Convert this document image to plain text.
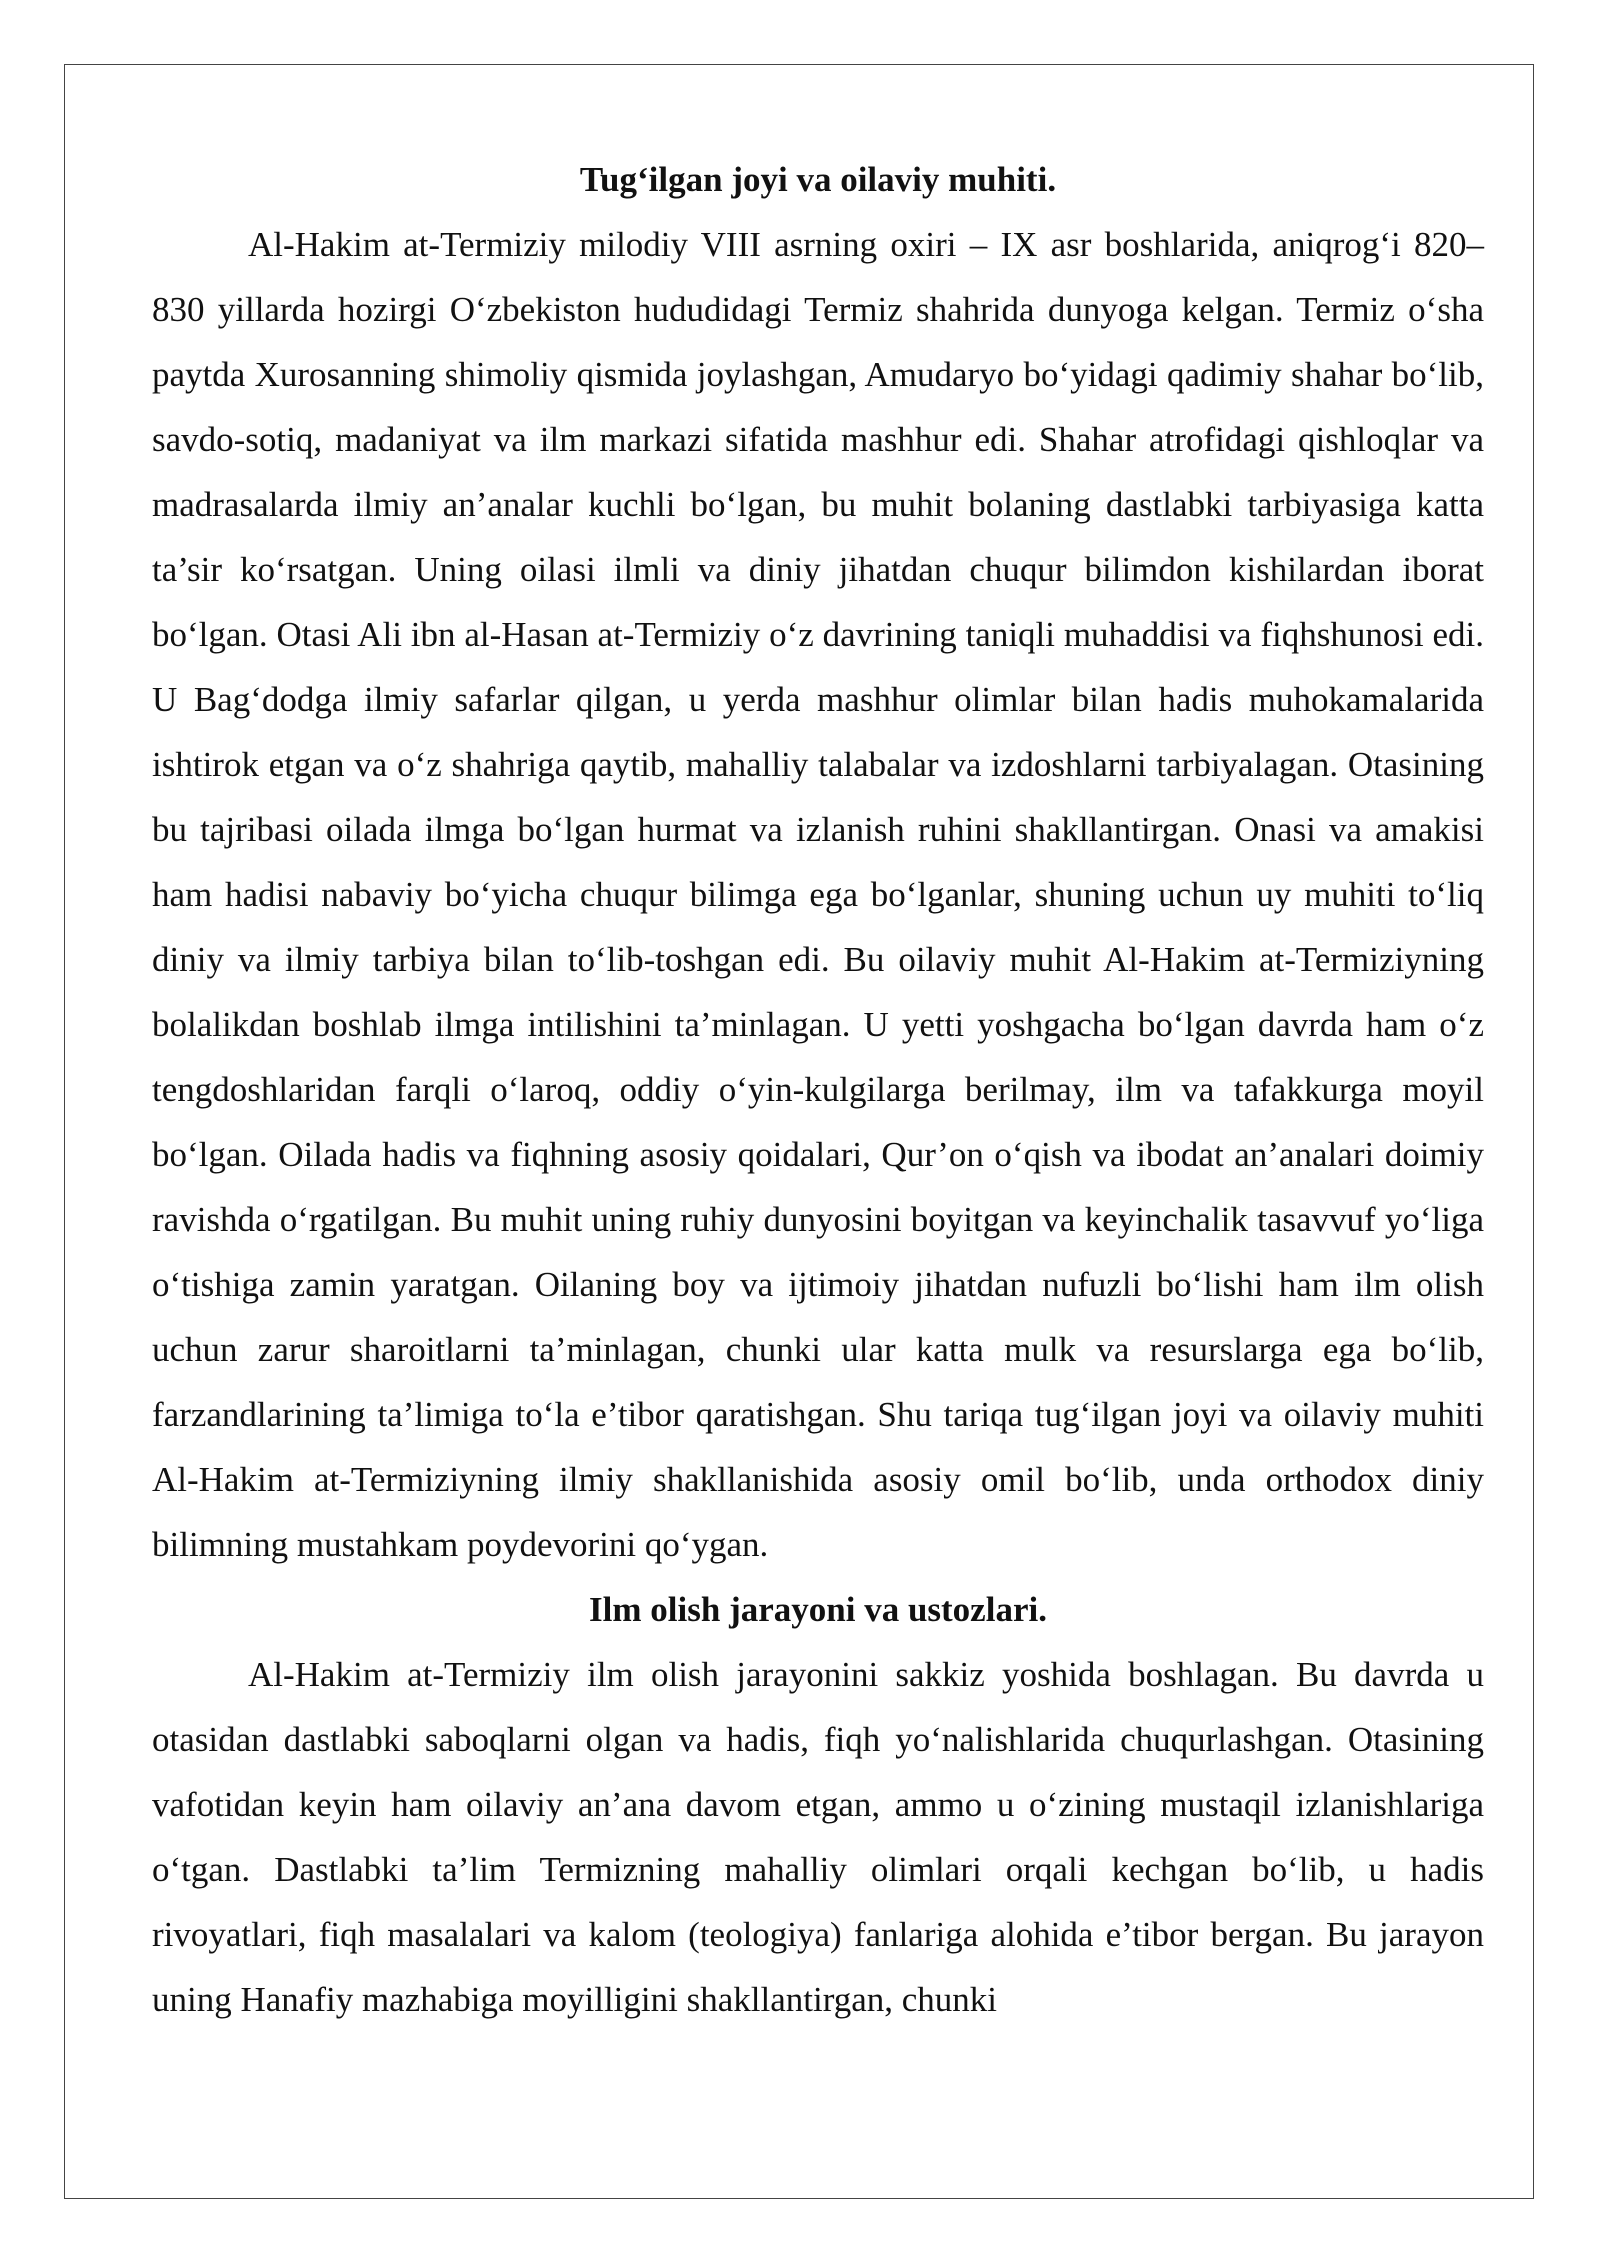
Tug‘ilgan joyi va oilaviy muhiti.

Al-Hakim at-Termiziy milodiy VIII asrning oxiri – IX asr boshlarida, aniqrog‘i 820–830 yillarda hozirgi O‘zbekiston hududidagi Termiz shahrida dunyoga kelgan. Termiz o‘sha paytda Xurosanning shimoliy qismida joylashgan, Amudaryo bo‘yidagi qadimiy shahar bo‘lib, savdo-sotiq, madaniyat va ilm markazi sifatida mashhur edi. Shahar atrofidagi qishloqlar va madrasalarda ilmiy an’analar kuchli bo‘lgan, bu muhit bolaning dastlabki tarbiyasiga katta ta’sir ko‘rsatgan. Uning oilasi ilmli va diniy jihatdan chuqur bilimdon kishilardan iborat bo‘lgan. Otasi Ali ibn al-Hasan at-Termiziy o‘z davrining taniqli muhaddisi va fiqhshunosi edi. U Bag‘dodga ilmiy safarlar qilgan, u yerda mashhur olimlar bilan hadis muhokamalarida ishtirok etgan va o‘z shahriga qaytib, mahalliy talabalar va izdoshlarni tarbiyalagan. Otasining bu tajribasi oilada ilmga bo‘lgan hurmat va izlanish ruhini shakllantirgan. Onasi va amakisi ham hadisi nabaviy bo‘yicha chuqur bilimga ega bo‘lganlar, shuning uchun uy muhiti to‘liq diniy va ilmiy tarbiya bilan to‘lib-toshgan edi. Bu oilaviy muhit Al-Hakim at-Termiziyning bolalikdan boshlab ilmga intilishini ta’minlagan. U yetti yoshgacha bo‘lgan davrda ham o‘z tengdoshlaridan farqli o‘laroq, oddiy o‘yin-kulgilarga berilmay, ilm va tafakkurga moyil bo‘lgan. Oilada hadis va fiqhning asosiy qoidalari, Qur’on o‘qish va ibodat an’analari doimiy ravishda o‘rgatilgan. Bu muhit uning ruhiy dunyosini boyitgan va keyinchalik tasavvuf yo‘liga o‘tishiga zamin yaratgan. Oilaning boy va ijtimoiy jihatdan nufuzli bo‘lishi ham ilm olish uchun zarur sharoitlarni ta’minlagan, chunki ular katta mulk va resurslarga ega bo‘lib, farzandlarining ta’limiga to‘la e’tibor qaratishgan. Shu tariqa tug‘ilgan joyi va oilaviy muhiti Al-Hakim at-Termiziyning ilmiy shakllanishida asosiy omil bo‘lib, unda orthodox diniy bilimning mustahkam poydevorini qo‘ygan.

Ilm olish jarayoni va ustozlari.

Al-Hakim at-Termiziy ilm olish jarayonini sakkiz yoshida boshlagan. Bu davrda u otasidan dastlabki saboqlarni olgan va hadis, fiqh yo‘nalishlarida chuqurlashgan. Otasining vafotidan keyin ham oilaviy an’ana davom etgan, ammo u o‘zining mustaqil izlanishlariga o‘tgan. Dastlabki ta’lim Termizning mahalliy olimlari orqali kechgan bo‘lib, u hadis rivoyatlari, fiqh masalalari va kalom (teologiya) fanlariga alohida e’tibor bergan. Bu jarayon uning Hanafiy mazhabiga moyilligini shakllantirgan, chunki
